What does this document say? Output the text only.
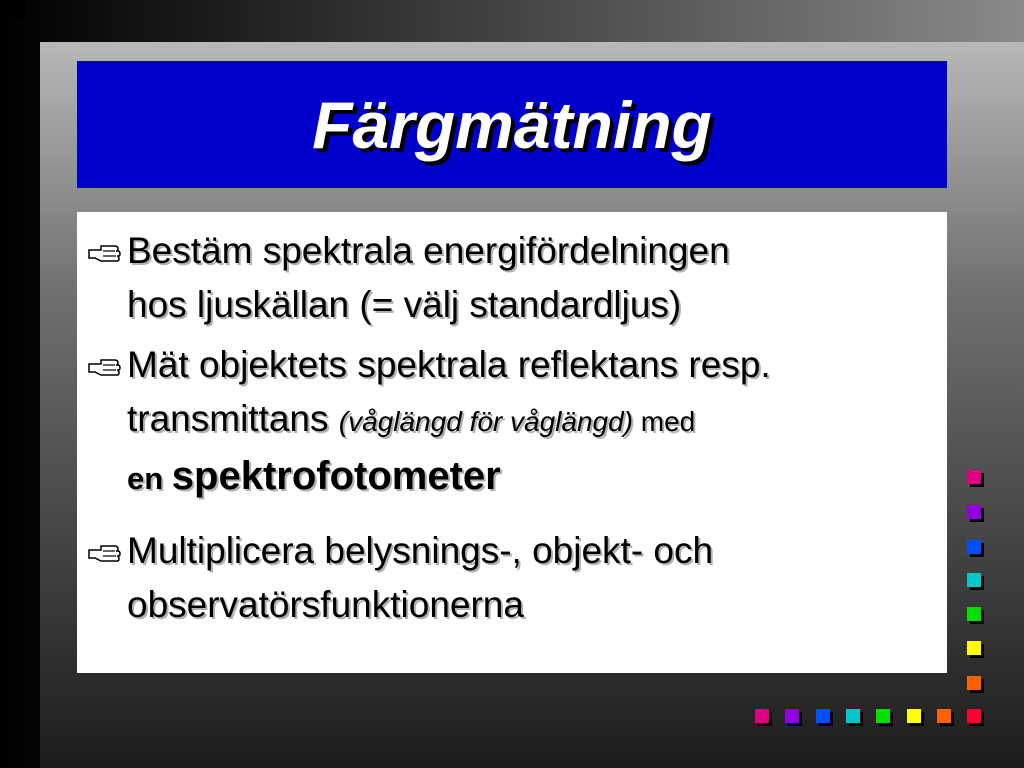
Färgmätning
Bestäm spektrala energifördelningen
hos ljuskällan (= välj standardljus)
Mät objektets spektrala reflektans resp.
transmittans (våglängd för våglängd) med
en spektrofotometer
Multiplicera belysnings-, objekt- och
observatörsfunktionerna
